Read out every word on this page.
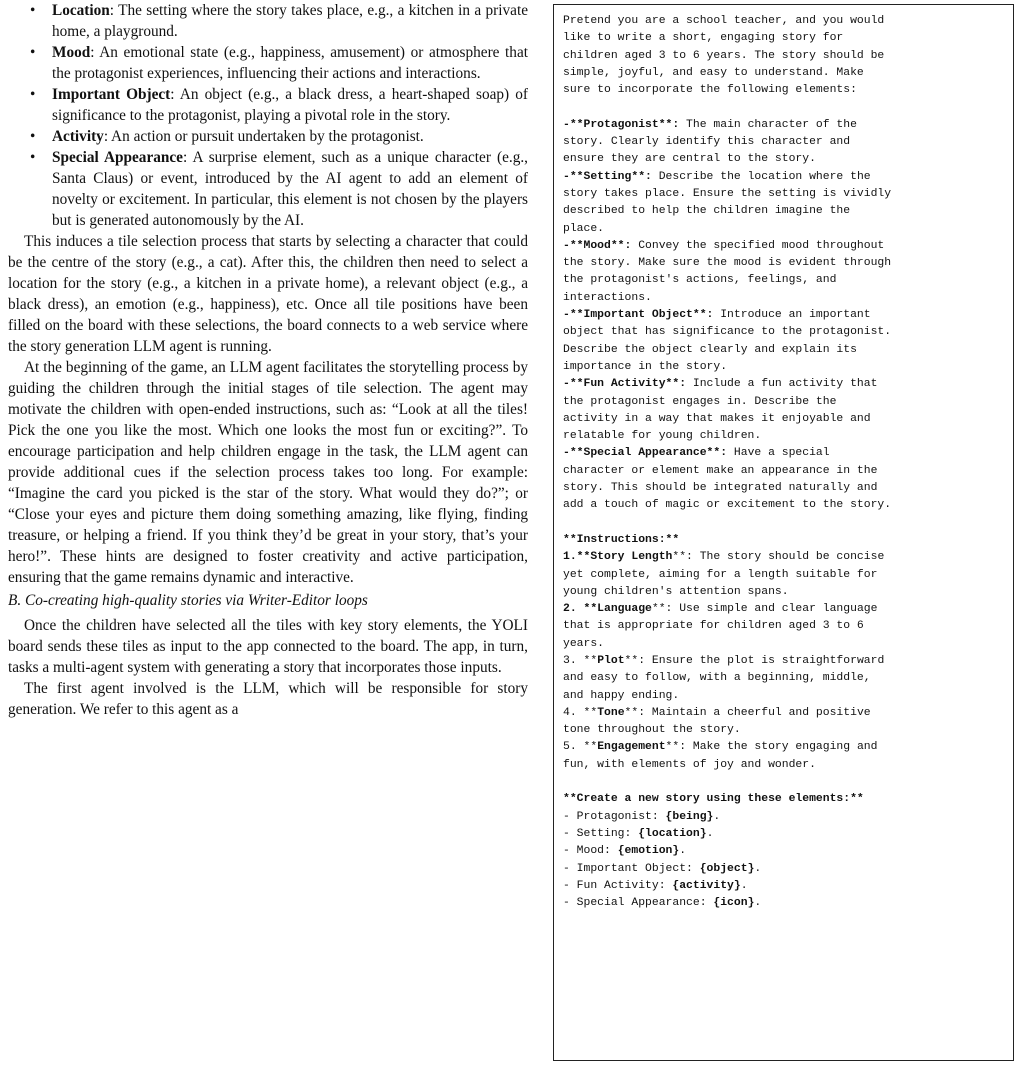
• Location: The setting where the story takes place, e.g., a kitchen in a private home, a playground.
• Mood: An emotional state (e.g., happiness, amusement) or atmosphere that the protagonist experiences, influencing their actions and interactions.
• Important Object: An object (e.g., a black dress, a heart-shaped soap) of significance to the protagonist, playing a pivotal role in the story.
• Activity: An action or pursuit undertaken by the protagonist.
• Special Appearance: A surprise element, such as a unique character (e.g., Santa Claus) or event, introduced by the AI agent to add an element of novelty or excitement. In particular, this element is not chosen by the players but is generated autonomously by the AI.

This induces a tile selection process that starts by selecting a character that could be the centre of the story (e.g., a cat). After this, the children then need to select a location for the story (e.g., a kitchen in a private home), a relevant object (e.g., a black dress), an emotion (e.g., happiness), etc. Once all tile positions have been filled on the board with these selections, the board connects to a web service where the story generation LLM agent is running.

At the beginning of the game, an LLM agent facilitates the storytelling process by guiding the children through the initial stages of tile selection. The agent may motivate the children with open-ended instructions, such as: “Look at all the tiles! Pick the one you like the most. Which one looks the most fun or exciting?”. To encourage participation and help children engage in the task, the LLM agent can provide additional cues if the selection process takes too long. For example: “Imagine the card you picked is the star of the story. What would they do?”; or “Close your eyes and picture them doing something amazing, like flying, finding treasure, or helping a friend. If you think they’d be great in your story, that’s your hero!”. These hints are designed to foster creativity and active participation, ensuring that the game remains dynamic and interactive.

B. Co-creating high-quality stories via Writer-Editor loops

Once the children have selected all the tiles with key story elements, the YOLI board sends these tiles as input to the app connected to the board. The app, in turn, tasks a multi-agent system with generating a story that incorporates those inputs.

The first agent involved is the LLM, which will be responsible for story generation. We refer to this agent as a

Pretend you are a school teacher, and you would
like to write a short, engaging story for
children aged 3 to 6 years. The story should be
simple, joyful, and easy to understand. Make
sure to incorporate the following elements:
-**Protagonist**: The main character of the
story. Clearly identify this character and
ensure they are central to the story.
-**Setting**: Describe the location where the
story takes place. Ensure the setting is vividly
described to help the children imagine the
place.
-**Mood**: Convey the specified mood throughout
the story. Make sure the mood is evident through
the protagonist's actions, feelings, and
interactions.
-**Important Object**: Introduce an important
object that has significance to the protagonist.
Describe the object clearly and explain its
importance in the story.
-**Fun Activity**: Include a fun activity that
the protagonist engages in. Describe the
activity in a way that makes it enjoyable and
relatable for young children.
-**Special Appearance**: Have a special
character or element make an appearance in the
story. This should be integrated naturally and
add a touch of magic or excitement to the story.
**Instructions:**
1.**Story Length**: The story should be concise
yet complete, aiming for a length suitable for
young children's attention spans.
2. **Language**: Use simple and clear language
that is appropriate for children aged 3 to 6
years.
3. **Plot**: Ensure the plot is straightforward
and easy to follow, with a beginning, middle,
and happy ending.
4. **Tone**: Maintain a cheerful and positive
tone throughout the story.
5. **Engagement**: Make the story engaging and
fun, with elements of joy and wonder.
**Create a new story using these elements:**
- Protagonist: {being}.
- Setting: {location}.
- Mood: {emotion}.
- Important Object: {object}.
- Fun Activity: {activity}.
- Special Appearance: {icon}.
